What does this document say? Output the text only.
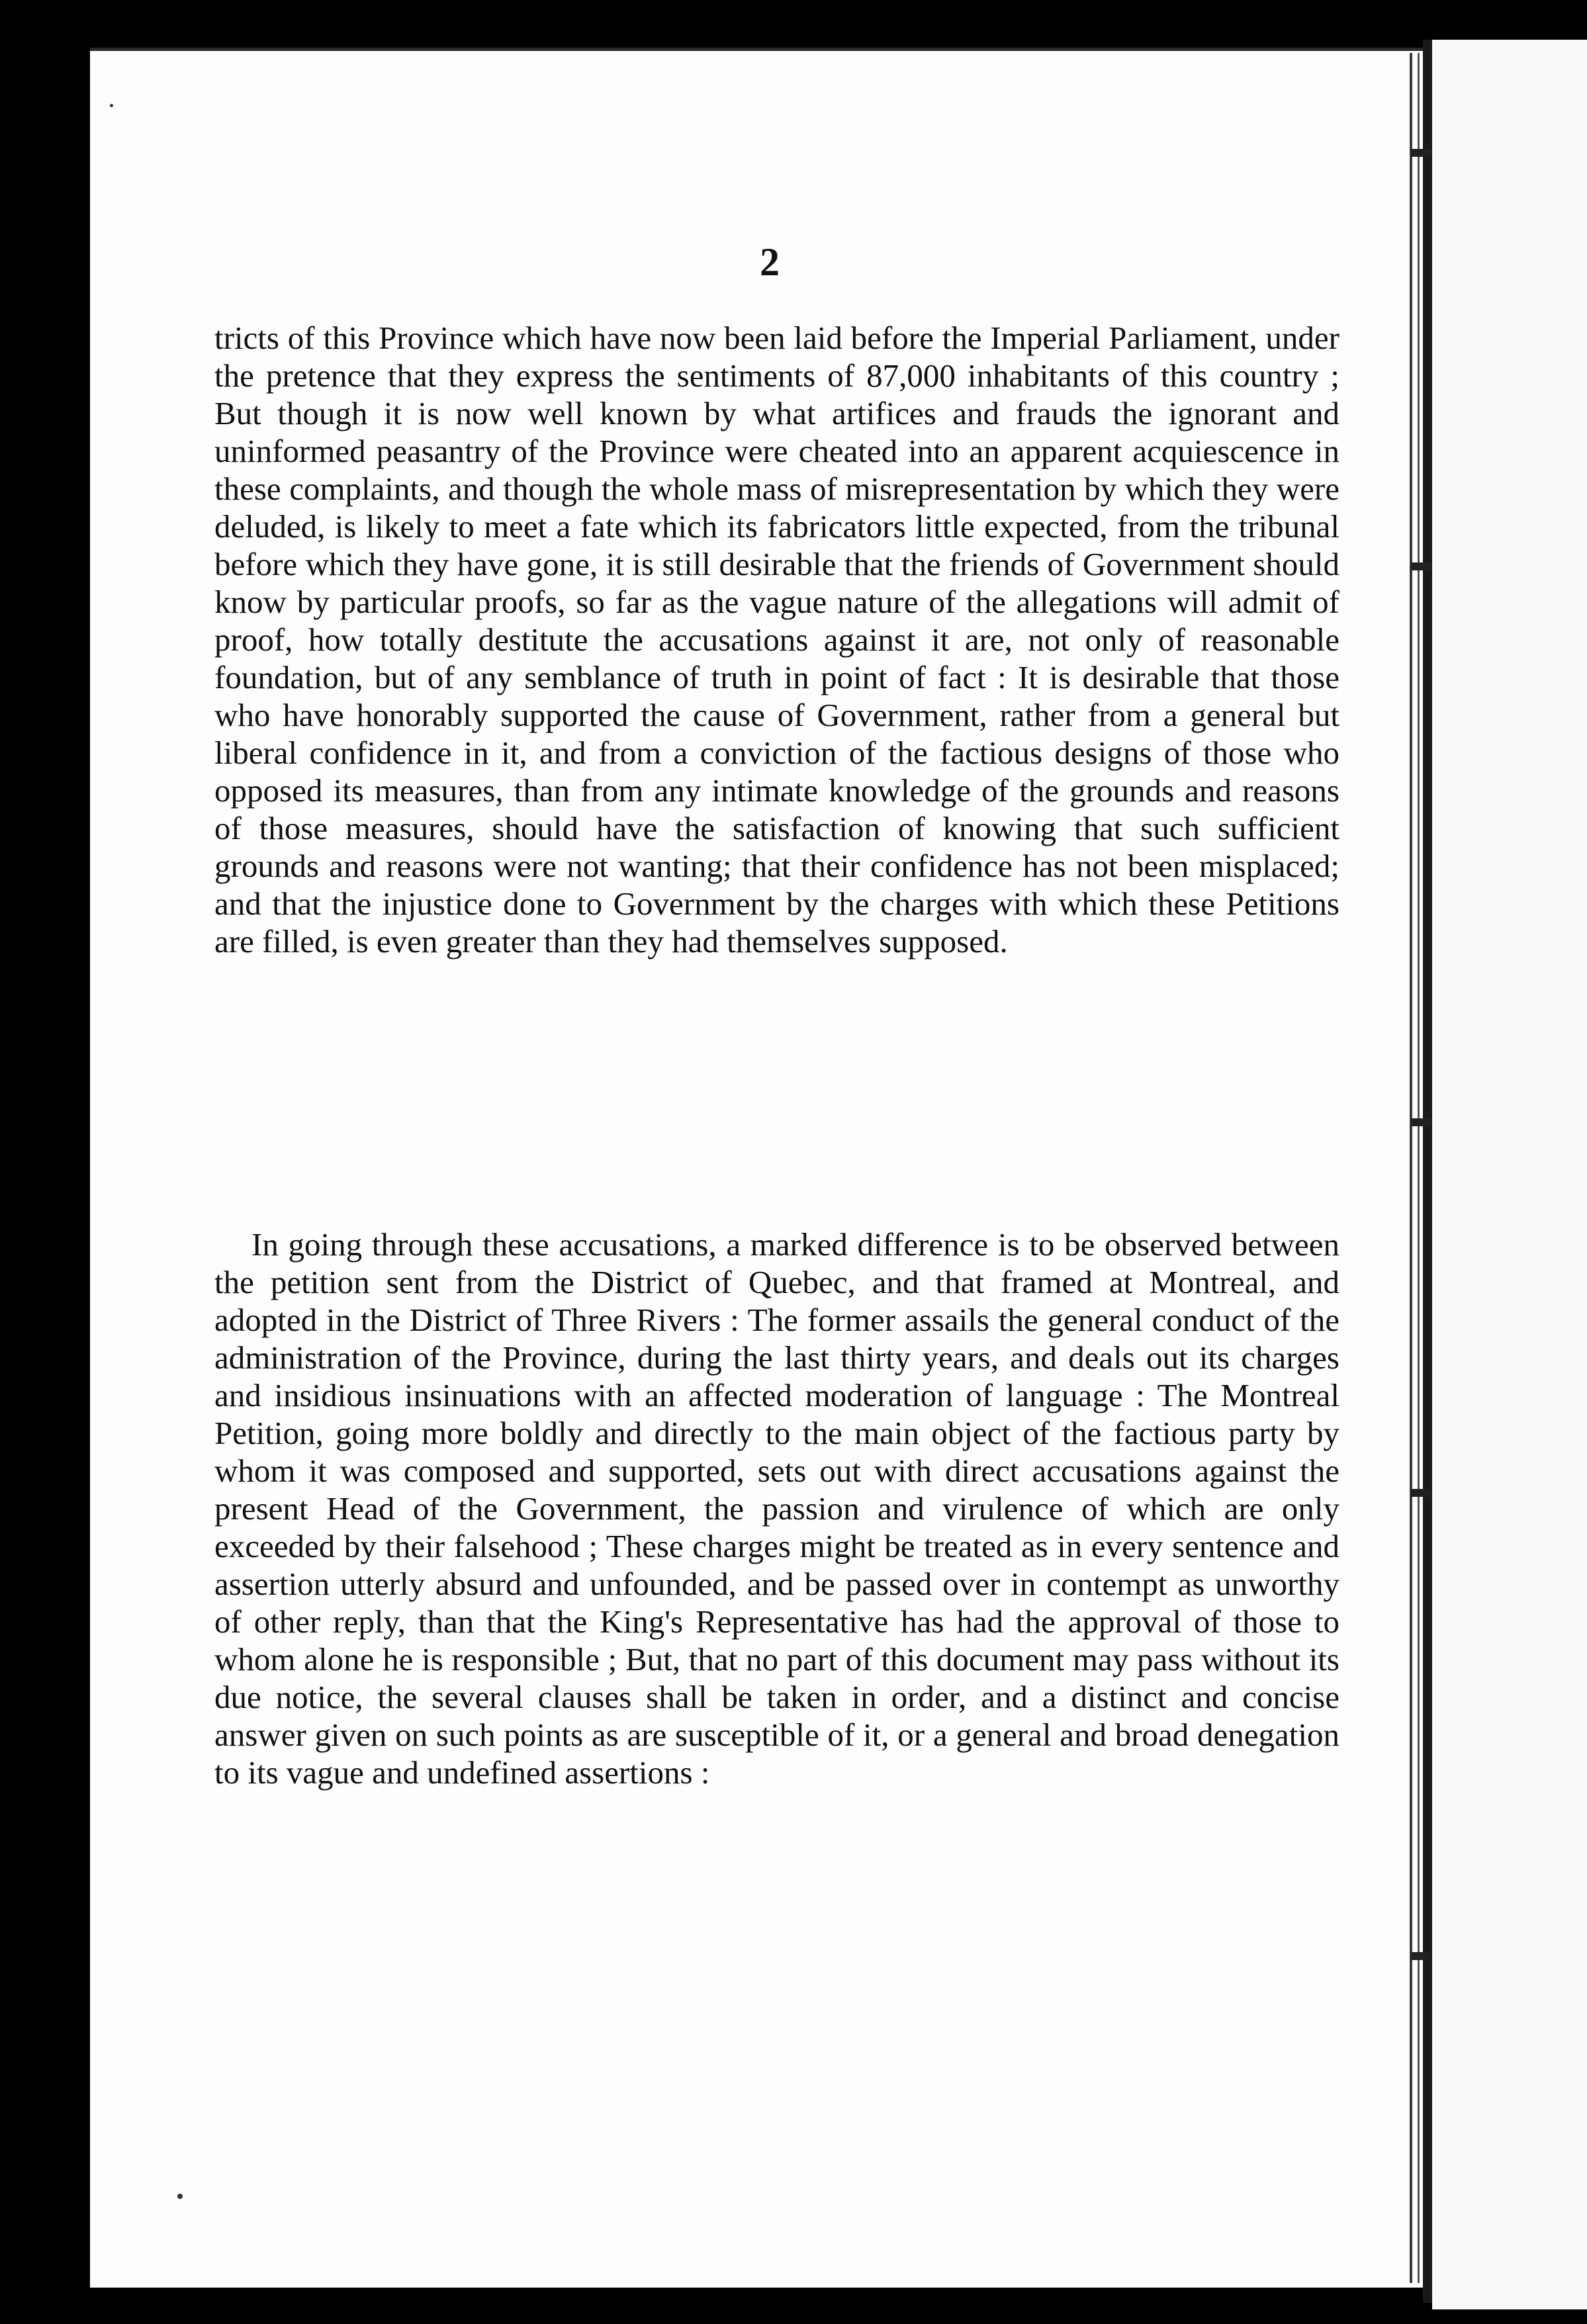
2

tricts of this Province which have now been laid before the Imperial Parliament, under the pretence that they express the sentiments of 87,000 inhabitants of this country ; But though it is now well known by what artifices and frauds the ignorant and uninformed peasantry of the Province were cheated into an apparent acquiescence in these complaints, and though the whole mass of misrepresentation by which they were deluded, is likely to meet a fate which its fabricators little expected, from the tribunal before which they have gone, it is still desirable that the friends of Government should know by particular proofs, so far as the vague nature of the allegations will admit of proof, how totally destitute the accusations against it are, not only of reasonable foundation, but of any semblance of truth in point of fact : It is desirable that those who have honorably supported the cause of Government, rather from a general but liberal confidence in it, and from a conviction of the factious designs of those who opposed its measures, than from any intimate knowledge of the grounds and reasons of those measures, should have the satisfaction of knowing that such sufficient grounds and reasons were not wanting; that their confidence has not been misplaced; and that the injustice done to Government by the charges with which these Petitions are filled, is even greater than they had themselves supposed.

In going through these accusations, a marked difference is to be observed between the petition sent from the District of Quebec, and that framed at Montreal, and adopted in the District of Three Rivers : The former assails the general conduct of the administration of the Province, during the last thirty years, and deals out its charges and insidious insinuations with an affected moderation of language : The Montreal Petition, going more boldly and directly to the main object of the factious party by whom it was composed and supported, sets out with direct accusations against the present Head of the Government, the passion and virulence of which are only exceeded by their falsehood ; These charges might be treated as in every sentence and assertion utterly absurd and unfounded, and be passed over in contempt as unworthy of other reply, than that the King's Representative has had the approval of those to whom alone he is responsible ; But, that no part of this document may pass without its due notice, the several clauses shall be taken in order, and a distinct and concise answer given on such points as are susceptible of it, or a general and broad denegation to its vague and undefined assertions :
